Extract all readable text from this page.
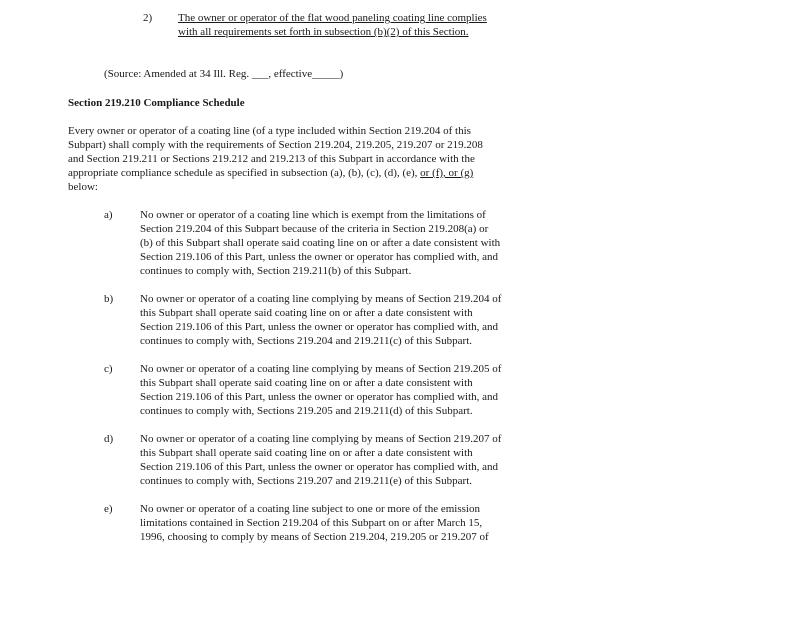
2) The owner or operator of the flat wood paneling coating line complies
with all requirements set forth in subsection (b)(2) of this Section.
(Source: Amended at 34 Ill. Reg. ___, effective_____)
Section 219.210 Compliance Schedule
Every owner or operator of a coating line (of a type included within Section 219.204 of this
Subpart) shall comply with the requirements of Section 219.204, 219.205, 219.207 or 219.208
and Section 219.211 or Sections 219.212 and 219.213 of this Subpart in accordance with the
appropriate compliance schedule as specified in subsection (a), (b), (c), (d), (e), or (f), or (g)
below:
a) No owner or operator of a coating line which is exempt from the limitations of
Section 219.204 of this Subpart because of the criteria in Section 219.208(a) or
(b) of this Subpart shall operate said coating line on or after a date consistent with
Section 219.106 of this Part, unless the owner or operator has complied with, and
continues to comply with, Section 219.211(b) of this Subpart.
b) No owner or operator of a coating line complying by means of Section 219.204 of
this Subpart shall operate said coating line on or after a date consistent with
Section 219.106 of this Part, unless the owner or operator has complied with, and
continues to comply with, Sections 219.204 and 219.211(c) of this Subpart.
c) No owner or operator of a coating line complying by means of Section 219.205 of
this Subpart shall operate said coating line on or after a date consistent with
Section 219.106 of this Part, unless the owner or operator has complied with, and
continues to comply with, Sections 219.205 and 219.211(d) of this Subpart.
d) No owner or operator of a coating line complying by means of Section 219.207 of
this Subpart shall operate said coating line on or after a date consistent with
Section 219.106 of this Part, unless the owner or operator has complied with, and
continues to comply with, Sections 219.207 and 219.211(e) of this Subpart.
e) No owner or operator of a coating line subject to one or more of the emission
limitations contained in Section 219.204 of this Subpart on or after March 15,
1996, choosing to comply by means of Section 219.204, 219.205 or 219.207 of
